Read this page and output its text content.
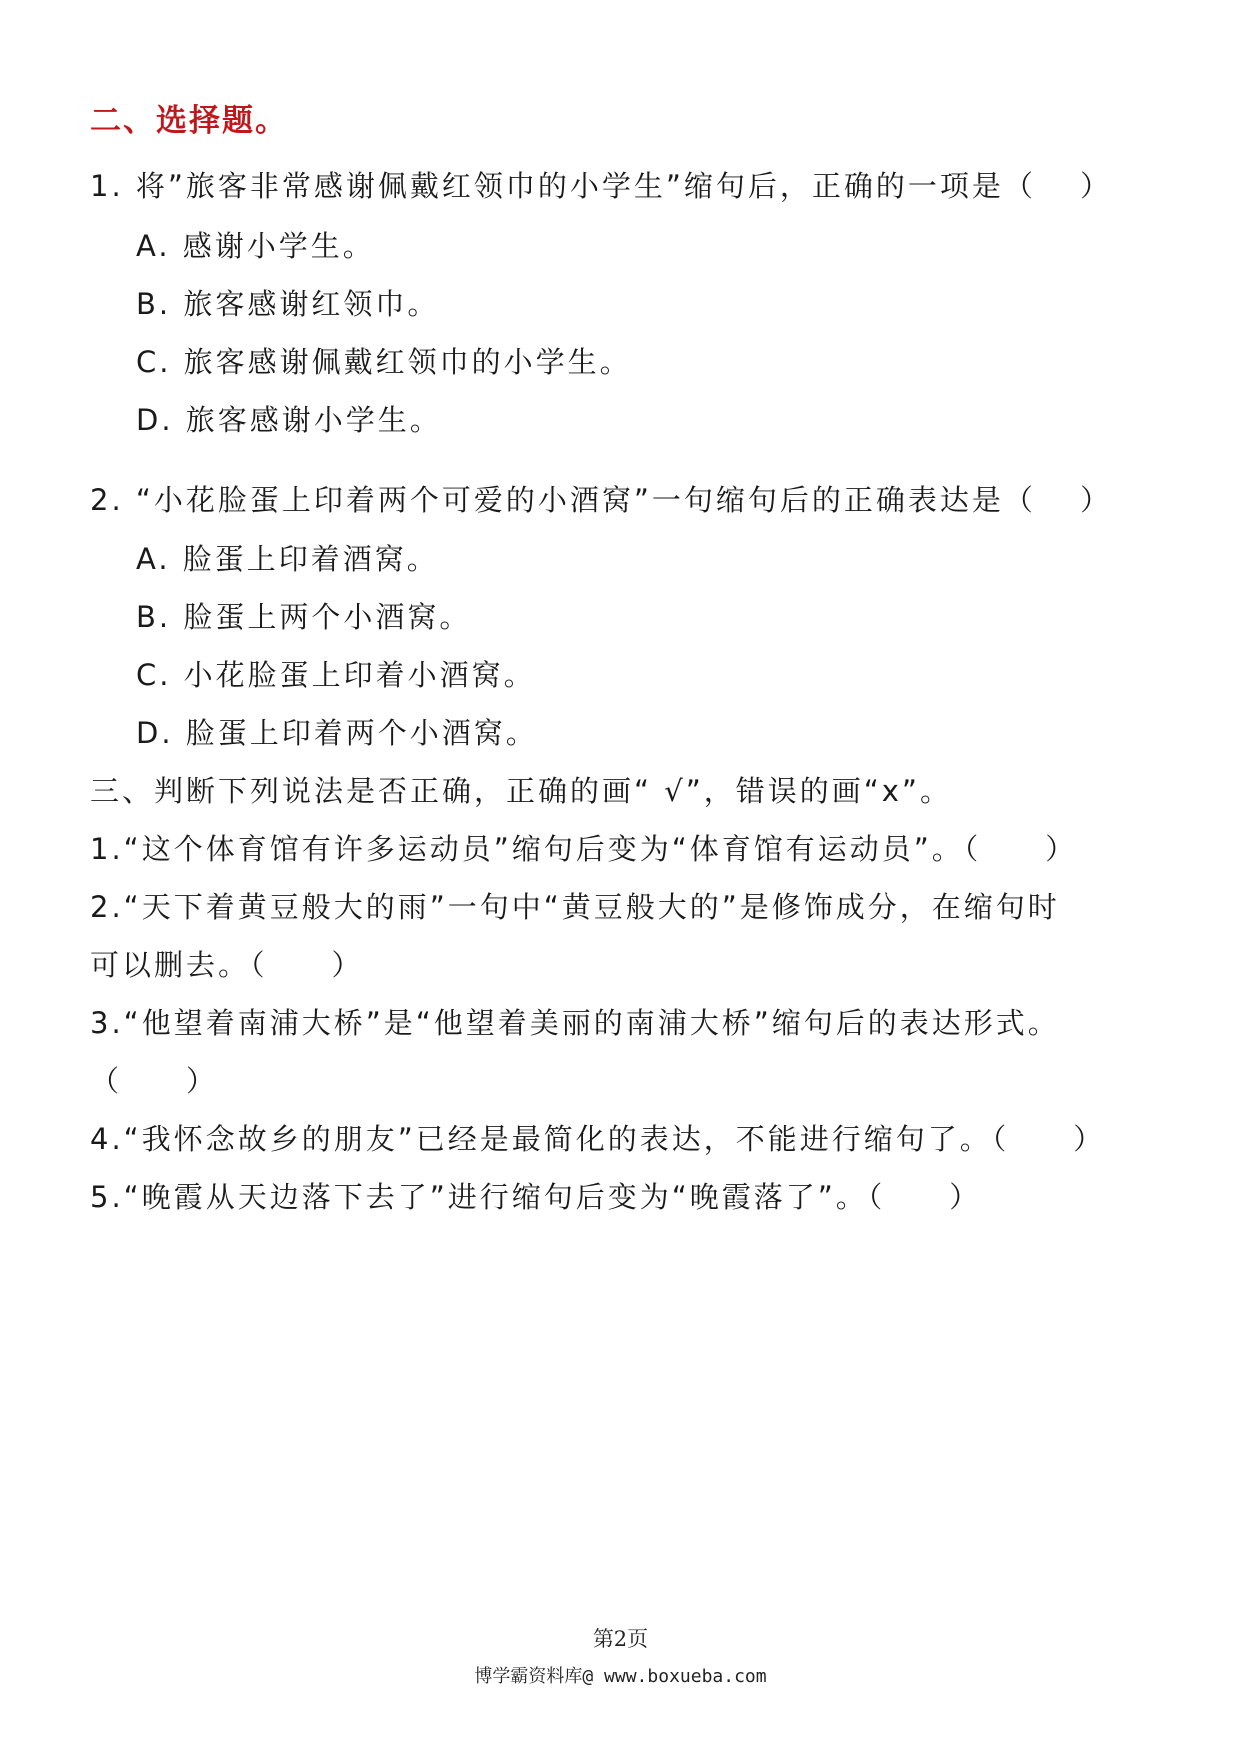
二、选择题。
1. 将”旅客非常感谢佩戴红领巾的小学生”缩句后，正确的一项是（　 ）
A. 感谢小学生。
B. 旅客感谢红领巾。
C. 旅客感谢佩戴红领巾的小学生。
D. 旅客感谢小学生。
2. “小花脸蛋上印着两个可爱的小酒窝”一句缩句后的正确表达是（　 ）
A. 脸蛋上印着酒窝。
B. 脸蛋上两个小酒窝。
C. 小花脸蛋上印着小酒窝。
D. 脸蛋上印着两个小酒窝。
三、判断下列说法是否正确，正确的画“ √”，错误的画“x”。
1.“这个体育馆有许多运动员”缩句后变为“体育馆有运动员”。（　　）
2.“天下着黄豆般大的雨”一句中“黄豆般大的”是修饰成分，在缩句时
可以删去。（　　）
3.“他望着南浦大桥”是“他望着美丽的南浦大桥”缩句后的表达形式。
（　　）
4.“我怀念故乡的朋友”已经是最简化的表达，不能进行缩句了。（　　）
5.“晚霞从天边落下去了”进行缩句后变为“晚霞落了”。（　　）
第2页
博学霸资料库@ www.boxueba.com
